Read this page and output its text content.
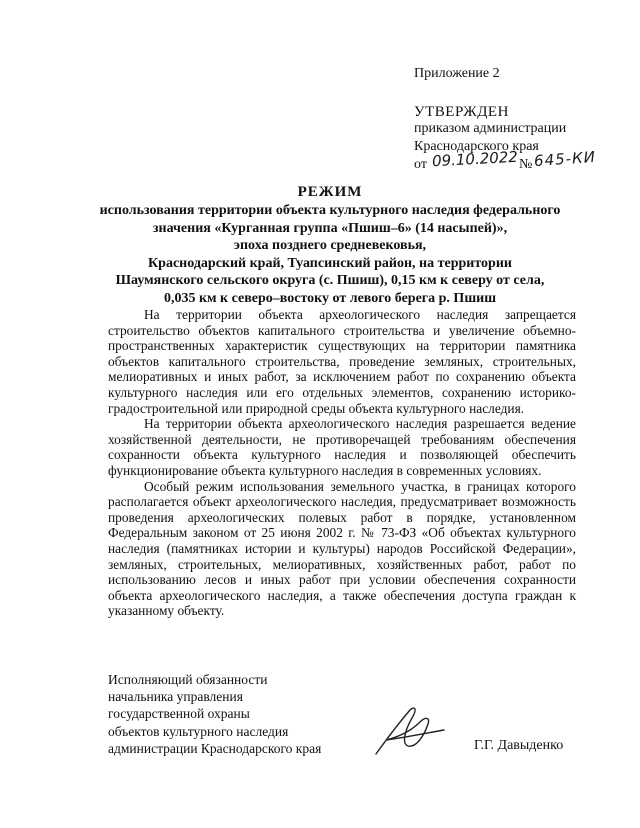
Приложение 2
УТВЕРЖДЕН
приказом администрации
Краснодарского края
от 09.10.2022 № 645-КИ
РЕЖИМ
использования территории объекта культурного наследия федерального
значения «Курганная группа «Пшиш–6» (14 насыпей)»,
эпоха позднего средневековья,
Краснодарский край, Туапсинский район, на территории
Шаумянского сельского округа (с. Пшиш), 0,15 км к северу от села,
0,035 км к северо–востоку от левого берега р. Пшиш

На территории объекта археологического наследия запрещается строительство объектов капитального строительства и увеличение объемно-пространственных характеристик существующих на территории памятника объектов капитального строительства, проведение земляных, строительных, мелиоративных и иных работ, за исключением работ по сохранению объекта культурного наследия или его отдельных элементов, сохранению историко-градостроительной или природной среды объекта культурного наследия.

На территории объекта археологического наследия разрешается ведение хозяйственной деятельности, не противоречащей требованиям обеспечения сохранности объекта культурного наследия и позволяющей обеспечить функционирование объекта культурного наследия в современных условиях.

Особый режим использования земельного участка, в границах которого располагается объект археологического наследия, предусматривает возможность проведения археологических полевых работ в порядке, установленном Федеральным законом от 25 июня 2002 г. № 73-ФЗ «Об объектах культурного наследия (памятниках истории и культуры) народов Российской Федерации», земляных, строительных, мелиоративных, хозяйственных работ, работ по использованию лесов и иных работ при условии обеспечения сохранности объекта археологического наследия, а также обеспечения доступа граждан к указанному объекту.

Исполняющий обязанности
начальника управления
государственной охраны
объектов культурного наследия
администрации Краснодарского края	Г.Г. Давыденко
